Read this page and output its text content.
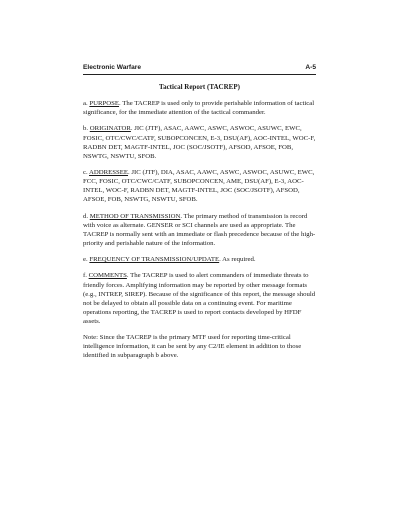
Electronic Warfare	A-5
Tactical Report (TACREP)

a. PURPOSE. The TACREP is used only to provide perishable information of tactical significance, for the immediate attention of the tactical commander.

b. ORIGINATOR. JIC (JTF), ASAC, AAWC, ASWC, ASWOC, ASUWC, EWC, FOSIC, OTC/CWC/CATF, SUBOPCONCEN, E-3, DSU(AF), AOC-INTEL, WOC-F, RADBN DET, MAGTF-INTEL, JOC (SOC/JSOTF), AFSOD, AFSOE, FOB, NSWTG, NSWTU, SFOB.

c. ADDRESSEE. JIC (JTF), DIA, ASAC, AAWC, ASWC, ASWOC, ASUWC, EWC, FCC, FOSIC, OTC/CWC/CATF, SUBOPCONCEN, AME, DSU(AF), E-3, AOC-INTEL, WOC-F, RADBN DET, MAGTF-INTEL, JOC (SOC/JSOTF), AFSOD, AFSOE, FOB, NSWTG, NSWTU, SFOB.

d. METHOD OF TRANSMISSION. The primary method of transmission is record with voice as alternate. GENSER or SCI channels are used as appropriate. The TACREP is normally sent with an immediate or flash precedence because of the high-priority and perishable nature of the information.

e. FREQUENCY OF TRANSMISSION/UPDATE. As required.

f. COMMENTS. The TACREP is used to alert commanders of immediate threats to friendly forces. Amplifying information may be reported by other message formats (e.g., INTREP, SIREP). Because of the significance of this report, the message should not be delayed to obtain all possible data on a continuing event. For maritime operations reporting, the TACREP is used to report contacts developed by HFDF assets.

Note: Since the TACREP is the primary MTF used for reporting time-critical intelligence information, it can be sent by any C2/IE element in addition to those identified in subparagraph b above.
